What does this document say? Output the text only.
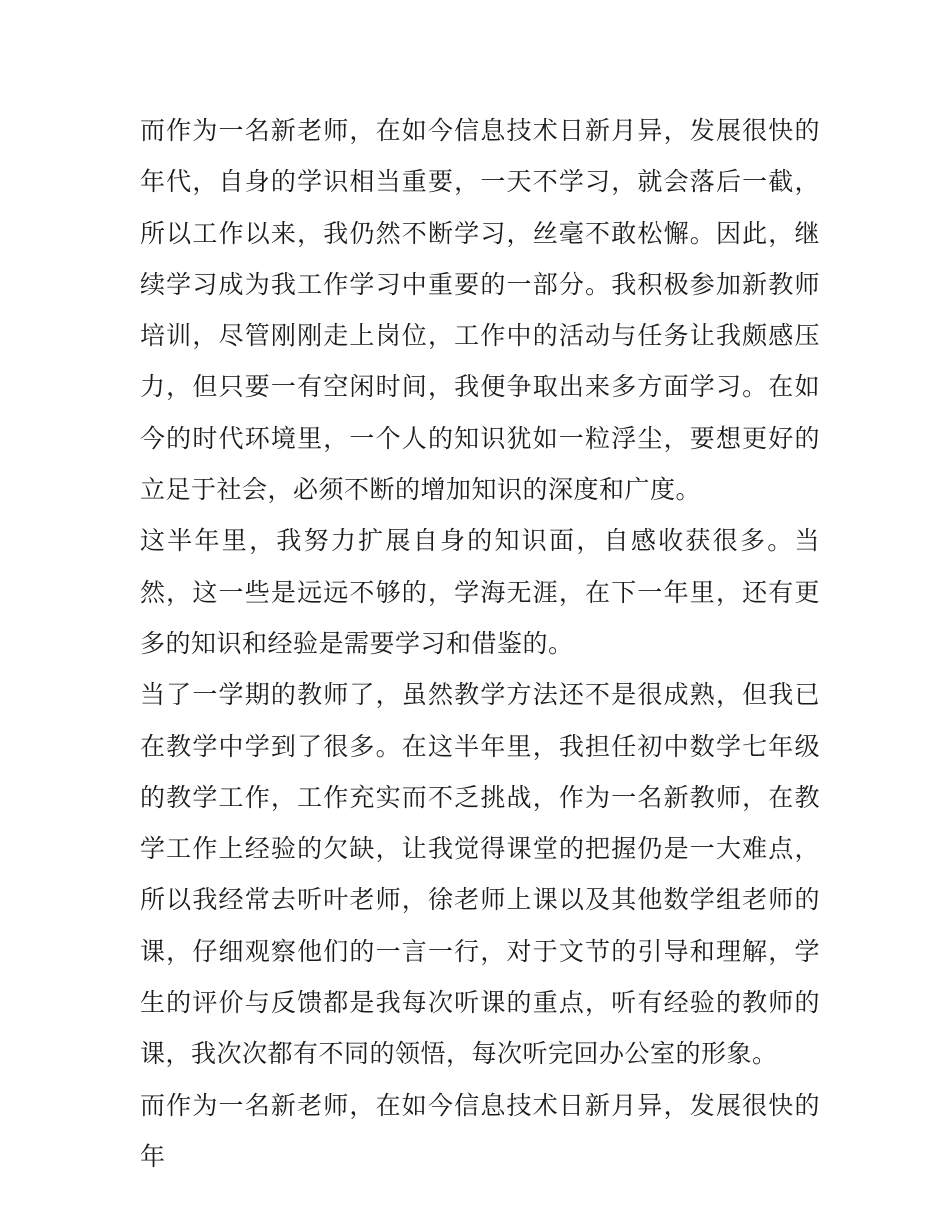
而作为一名新老师，在如今信息技术日新月异，发展很快的年代，自身的学识相当重要，一天不学习，就会落后一截，所以工作以来，我仍然不断学习，丝毫不敢松懈。因此，继续学习成为我工作学习中重要的一部分。我积极参加新教师培训，尽管刚刚走上岗位，工作中的活动与任务让我颇感压力，但只要一有空闲时间，我便争取出来多方面学习。在如今的时代环境里，一个人的知识犹如一粒浮尘，要想更好的立足于社会，必须不断的增加知识的深度和广度。

这半年里，我努力扩展自身的知识面，自感收获很多。当然，这一些是远远不够的，学海无涯，在下一年里，还有更多的知识和经验是需要学习和借鉴的。

当了一学期的教师了，虽然教学方法还不是很成熟，但我已在教学中学到了很多。在这半年里，我担任初中数学七年级的教学工作，工作充实而不乏挑战，作为一名新教师，在教学工作上经验的欠缺，让我觉得课堂的把握仍是一大难点，所以我经常去听叶老师，徐老师上课以及其他数学组老师的课，仔细观察他们的一言一行，对于文节的引导和理解，学生的评价与反馈都是我每次听课的重点，听有经验的教师的课，我次次都有不同的领悟，每次听完回办公室的形象。

而作为一名新老师，在如今信息技术日新月异，发展很快的年
